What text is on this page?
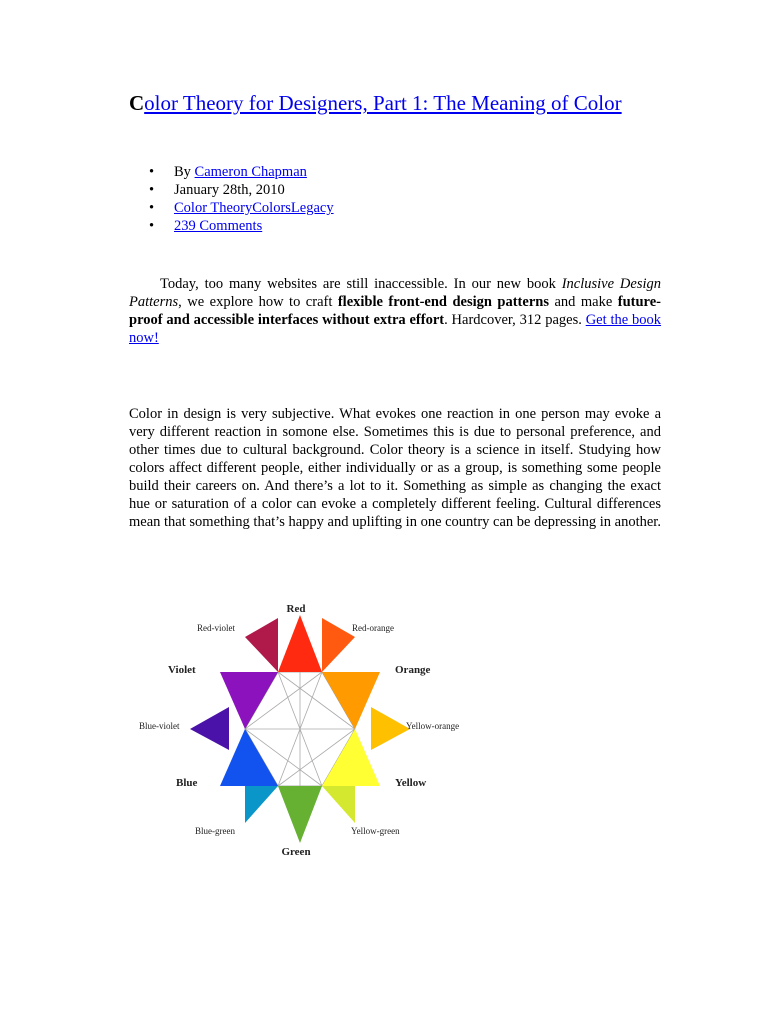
Color Theory for Designers, Part 1: The Meaning of Color
• By Cameron Chapman
• January 28th, 2010
• Color TheoryColorsLegacy
• 239 Comments

Today, too many websites are still inaccessible. In our new book Inclusive Design Patterns, we explore how to craft flexible front-end design patterns and make future-proof and accessible interfaces without extra effort. Hardcover, 312 pages. Get the book now!

Color in design is very subjective. What evokes one reaction in one person may evoke a very different reaction in somone else. Sometimes this is due to personal preference, and other times due to cultural background. Color theory is a science in itself. Studying how colors affect different people, either individually or as a group, is something some people build their careers on. And there’s a lot to it. Something as simple as changing the exact hue or saturation of a color can evoke a completely different feeling. Cultural differences mean that something that’s happy and uplifting in one country can be depressing in another.

Red
Red-orange
Orange
Yellow-orange
Yellow
Yellow-green
Green
Blue-green
Blue
Blue-violet
Violet
Red-violet
